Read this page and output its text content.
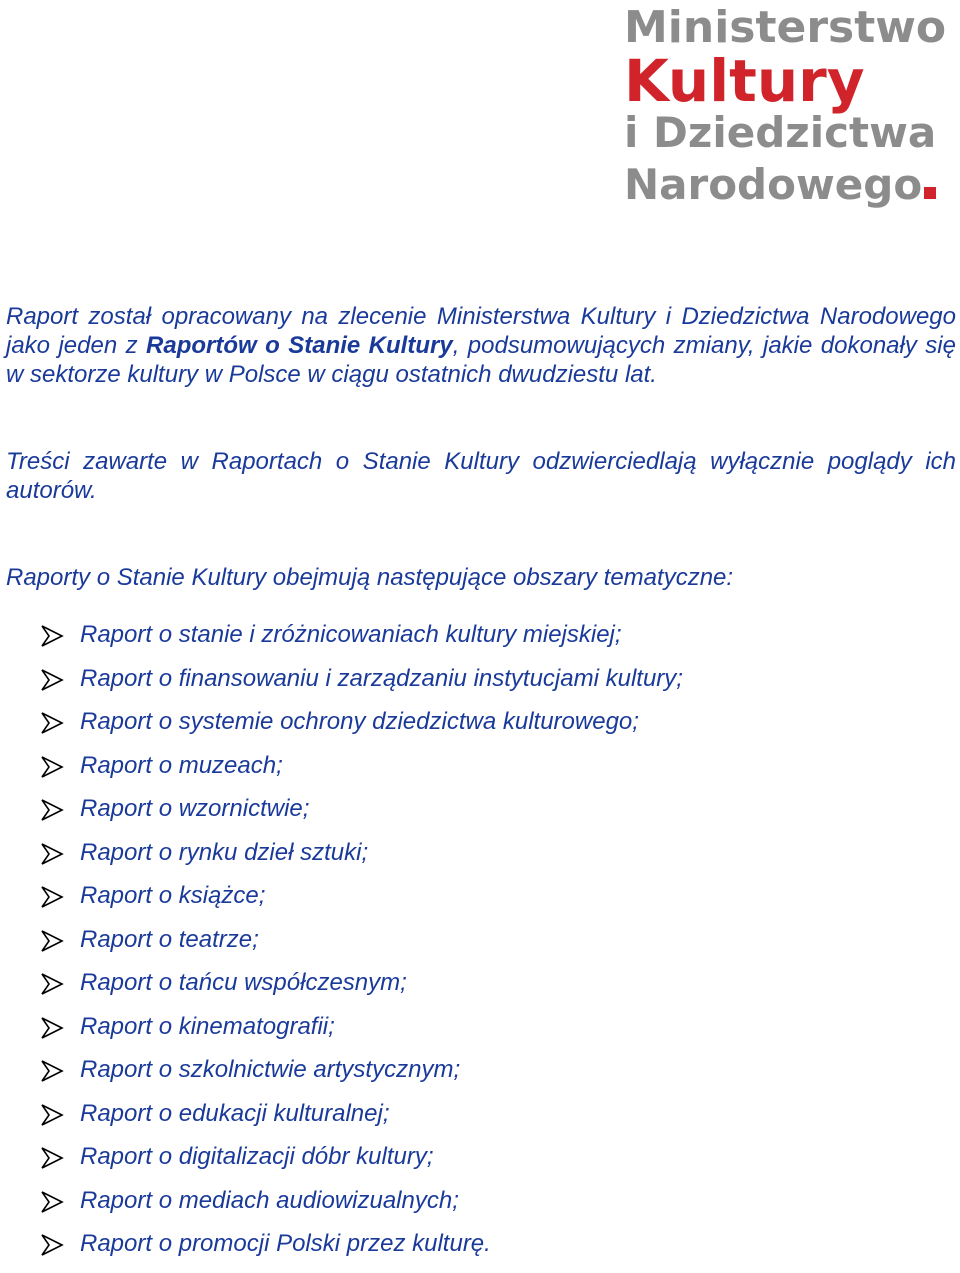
Ministerstwo
Kultury
i Dziedzictwa
Narodowego

Raport został opracowany na zlecenie Ministerstwa Kultury i Dziedzictwa Narodowego jako jeden z Raportów o Stanie Kultury, podsumowujących zmiany, jakie dokonały się w sektorze kultury w Polsce w ciągu ostatnich dwudziestu lat.

Treści zawarte w Raportach o Stanie Kultury odzwierciedlają wyłącznie poglądy ich autorów.

Raporty o Stanie Kultury obejmują następujące obszary tematyczne:

Raport o stanie i zróżnicowaniach kultury miejskiej;
Raport o finansowaniu i zarządzaniu instytucjami kultury;
Raport o systemie ochrony dziedzictwa kulturowego;
Raport o muzeach;
Raport o wzornictwie;
Raport o rynku dzieł sztuki;
Raport o książce;
Raport o teatrze;
Raport o tańcu współczesnym;
Raport o kinematografii;
Raport o szkolnictwie artystycznym;
Raport o edukacji kulturalnej;
Raport o digitalizacji dóbr kultury;
Raport o mediach audiowizualnych;
Raport o promocji Polski przez kulturę.
